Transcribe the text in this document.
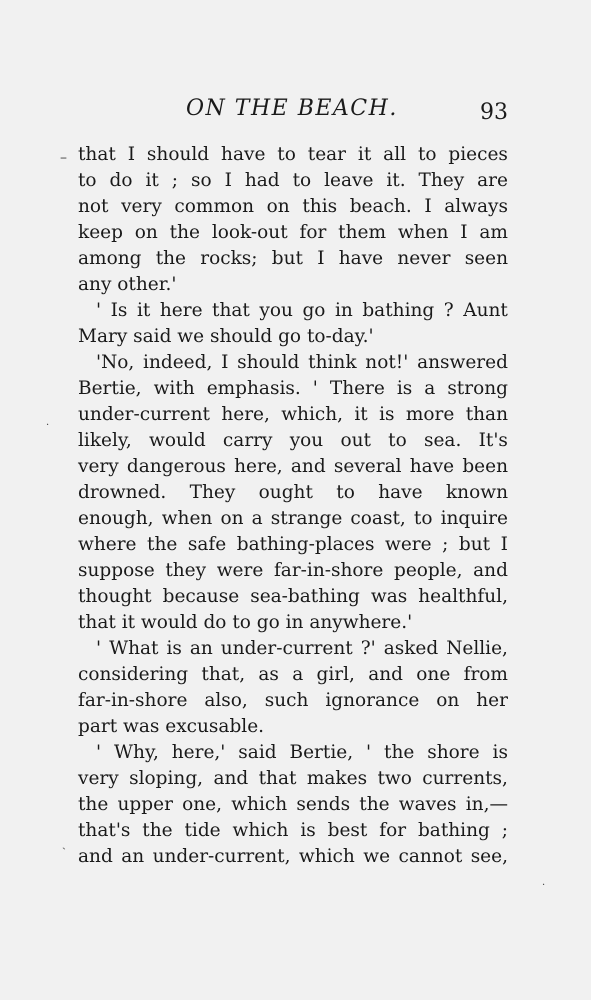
ON THE BEACH.	93
–
·
ˎ
·
that I should have to tear it all to pieces
to do it ; so I had to leave it. They are
not very common on this beach. I always
keep on the look-out for them when I am
among the rocks; but I have never seen
any other.'
' Is it here that you go in bathing ? Aunt
Mary said we should go to-day.'
'No, indeed, I should think not!' answered
Bertie, with emphasis. ' There is a strong
under-current here, which, it is more than
likely, would carry you out to sea. It's
very dangerous here, and several have been
drowned. They ought to have known
enough, when on a strange coast, to inquire
where the safe bathing-places were ; but I
suppose they were far-in-shore people, and
thought because sea-bathing was healthful,
that it would do to go in anywhere.'
' What is an under-current ?' asked Nellie,
considering that, as a girl, and one from
far-in-shore also, such ignorance on her
part was excusable.
' Why, here,' said Bertie, ' the shore is
very sloping, and that makes two currents,
the upper one, which sends the waves in,—
that's the tide which is best for bathing ;
and an under-current, which we cannot see,
